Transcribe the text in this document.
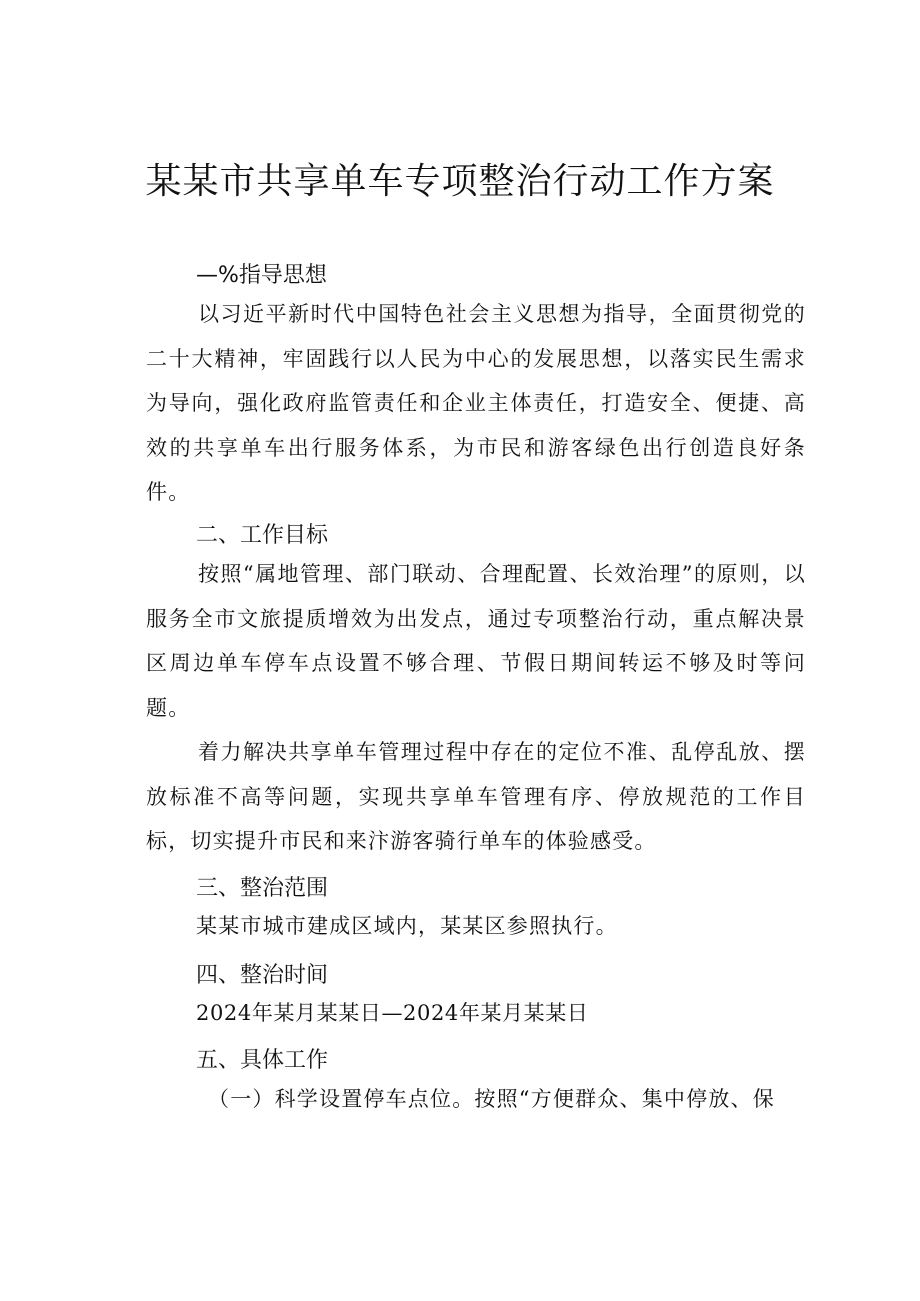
某某市共享单车专项整治行动工作方案
—%指导思想

以习近平新时代中国特色社会主义思想为指导，全面贯彻党的二十大精神，牢固践行以人民为中心的发展思想，以落实民生需求为导向，强化政府监管责任和企业主体责任，打造安全、便捷、高效的共享单车出行服务体系，为市民和游客绿色出行创造良好条件。

二、工作目标

按照“属地管理、部门联动、合理配置、长效治理”的原则，以服务全市文旅提质增效为出发点，通过专项整治行动，重点解决景区周边单车停车点设置不够合理、节假日期间转运不够及时等问题。

着力解决共享单车管理过程中存在的定位不准、乱停乱放、摆放标准不高等问题，实现共享单车管理有序、停放规范的工作目标，切实提升市民和来汴游客骑行单车的体验感受。

三、整治范围

某某市城市建成区域内，某某区参照执行。

四、整治时间

2024年某月某某日—2024年某月某某日

五、具体工作

（一）科学设置停车点位。按照“方便群众、集中停放、保
